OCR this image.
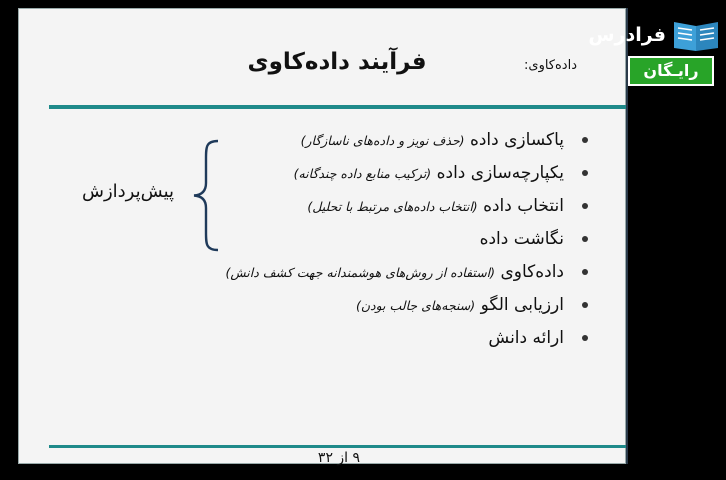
فرآیند داده‌کاوی	داده‌کاوی:
۹ از ۳۲
پاکسازی داده (حذف نویز و داده‌های ناسازگار)
یکپارچه‌سازی داده (ترکیب منابع داده چندگانه)
انتخاب داده (انتخاب داده‌های مرتبط با تحلیل)
نگاشت داده
داده‌کاوی (استفاده از روش‌های هوشمندانه جهت کشف دانش)
ارزیابی الگو (سنجه‌های جالب بودن)
ارائه دانش
پیش‌پردازش
فرادرس
رایـگان
